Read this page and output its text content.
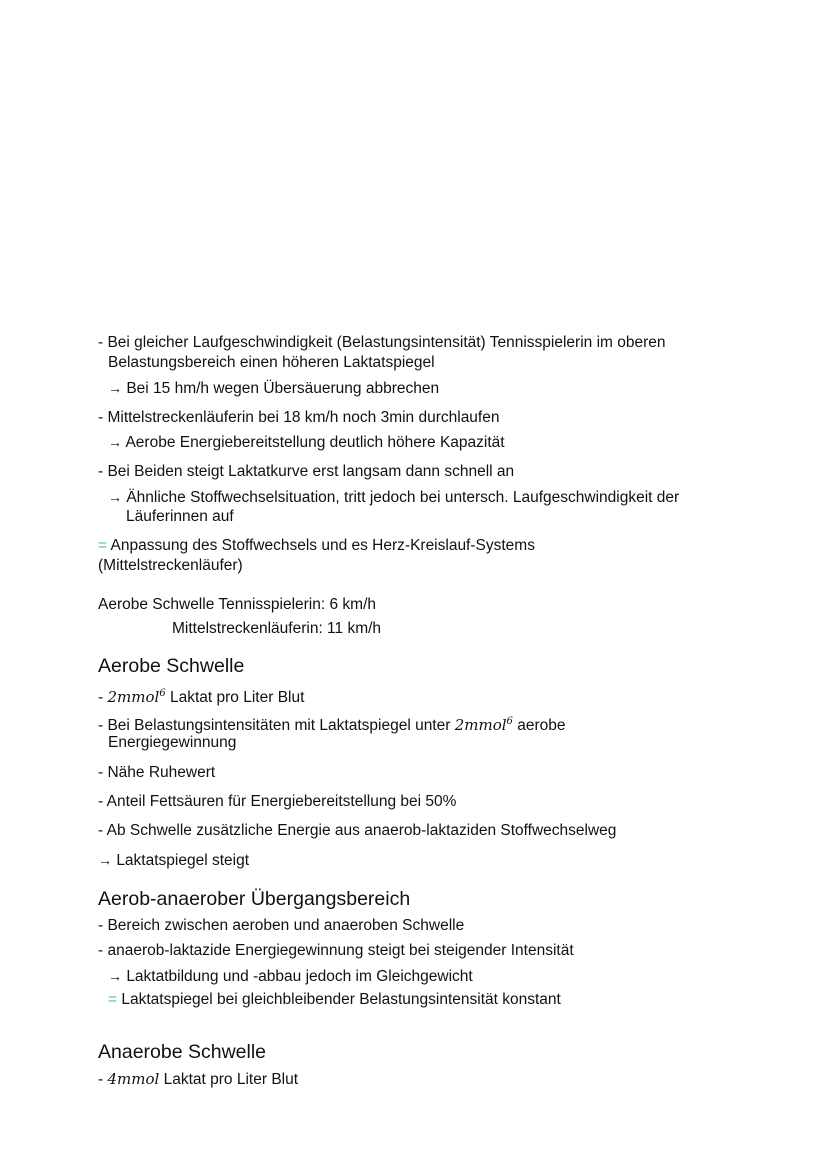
- Bei gleicher Laufgeschwindigkeit (Belastungsintensität) Tennisspielerin im oberen
Belastungsbereich einen höheren Laktatspiegel
→ Bei 15 hm/h wegen Übersäuerung abbrechen
- Mittelstreckenläuferin bei 18 km/h noch 3min durchlaufen
→ Aerobe Energiebereitstellung deutlich höhere Kapazität
- Bei Beiden steigt Laktatkurve erst langsam dann schnell an
→ Ähnliche Stoffwechselsituation, tritt jedoch bei untersch. Laufgeschwindigkeit der
Läuferinnen auf
= Anpassung des Stoffwechsels und es Herz-Kreislauf-Systems
(Mittelstreckenläufer)
Aerobe Schwelle Tennisspielerin: 6 km/h
Mittelstreckenläuferin: 11 km/h
Aerobe Schwelle
- 2mmol$^6$ Laktat pro Liter Blut
- Bei Belastungsintensitäten mit Laktatspiegel unter 2mmol$^6$ aerobe
Energiegewinnung
- Nähe Ruhewert
- Anteil Fettsäuren für Energiebereitstellung bei 50%
- Ab Schwelle zusätzliche Energie aus anaerob-laktaziden Stoffwechselweg
→ Laktatspiegel steigt
Aerob-anaerober Übergangsbereich
- Bereich zwischen aeroben und anaeroben Schwelle
- anaerob-laktazide Energiegewinnung steigt bei steigender Intensität
→ Laktatbildung und -abbau jedoch im Gleichgewicht
= Laktatspiegel bei gleichbleibender Belastungsintensität konstant
Anaerobe Schwelle
- 4mmol Laktat pro Liter Blut
